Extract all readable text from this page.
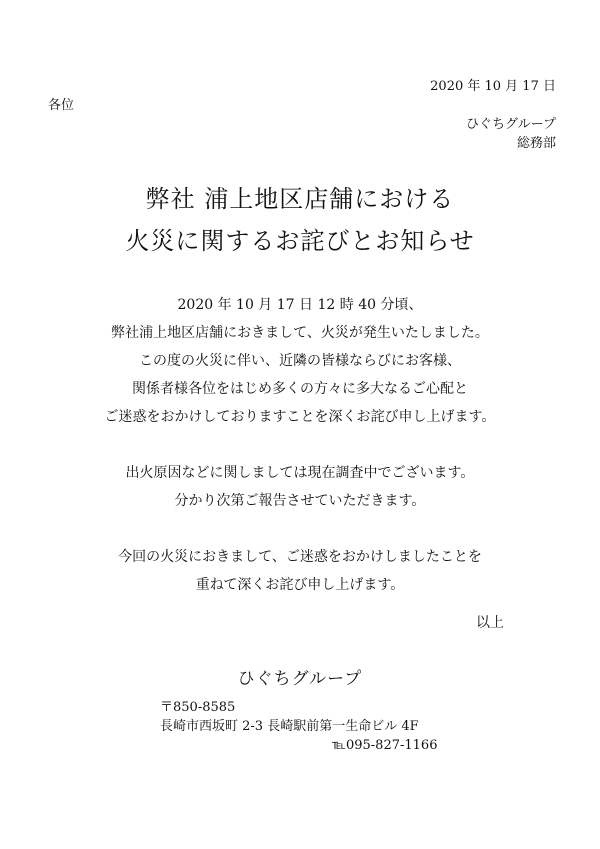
2020 年 10 月 17 日
各位
ひぐちグループ
総務部
弊社 浦上地区店舗における
火災に関するお詫びとお知らせ
2020 年 10 月 17 日 12 時 40 分頃、
弊社浦上地区店舗におきまして、火災が発生いたしました。
この度の火災に伴い、近隣の皆様ならびにお客様、
関係者様各位をはじめ多くの方々に多大なるご心配と
ご迷惑をおかけしておりますことを深くお詫び申し上げます。
出火原因などに関しましては現在調査中でございます。
分かり次第ご報告させていただきます。
今回の火災におきまして、ご迷惑をおかけしましたことを
重ねて深くお詫び申し上げます。
以上
ひぐちグループ
〒850-8585
長崎市西坂町 2-3 長崎駅前第一生命ビル 4F
℡095-827-1166
